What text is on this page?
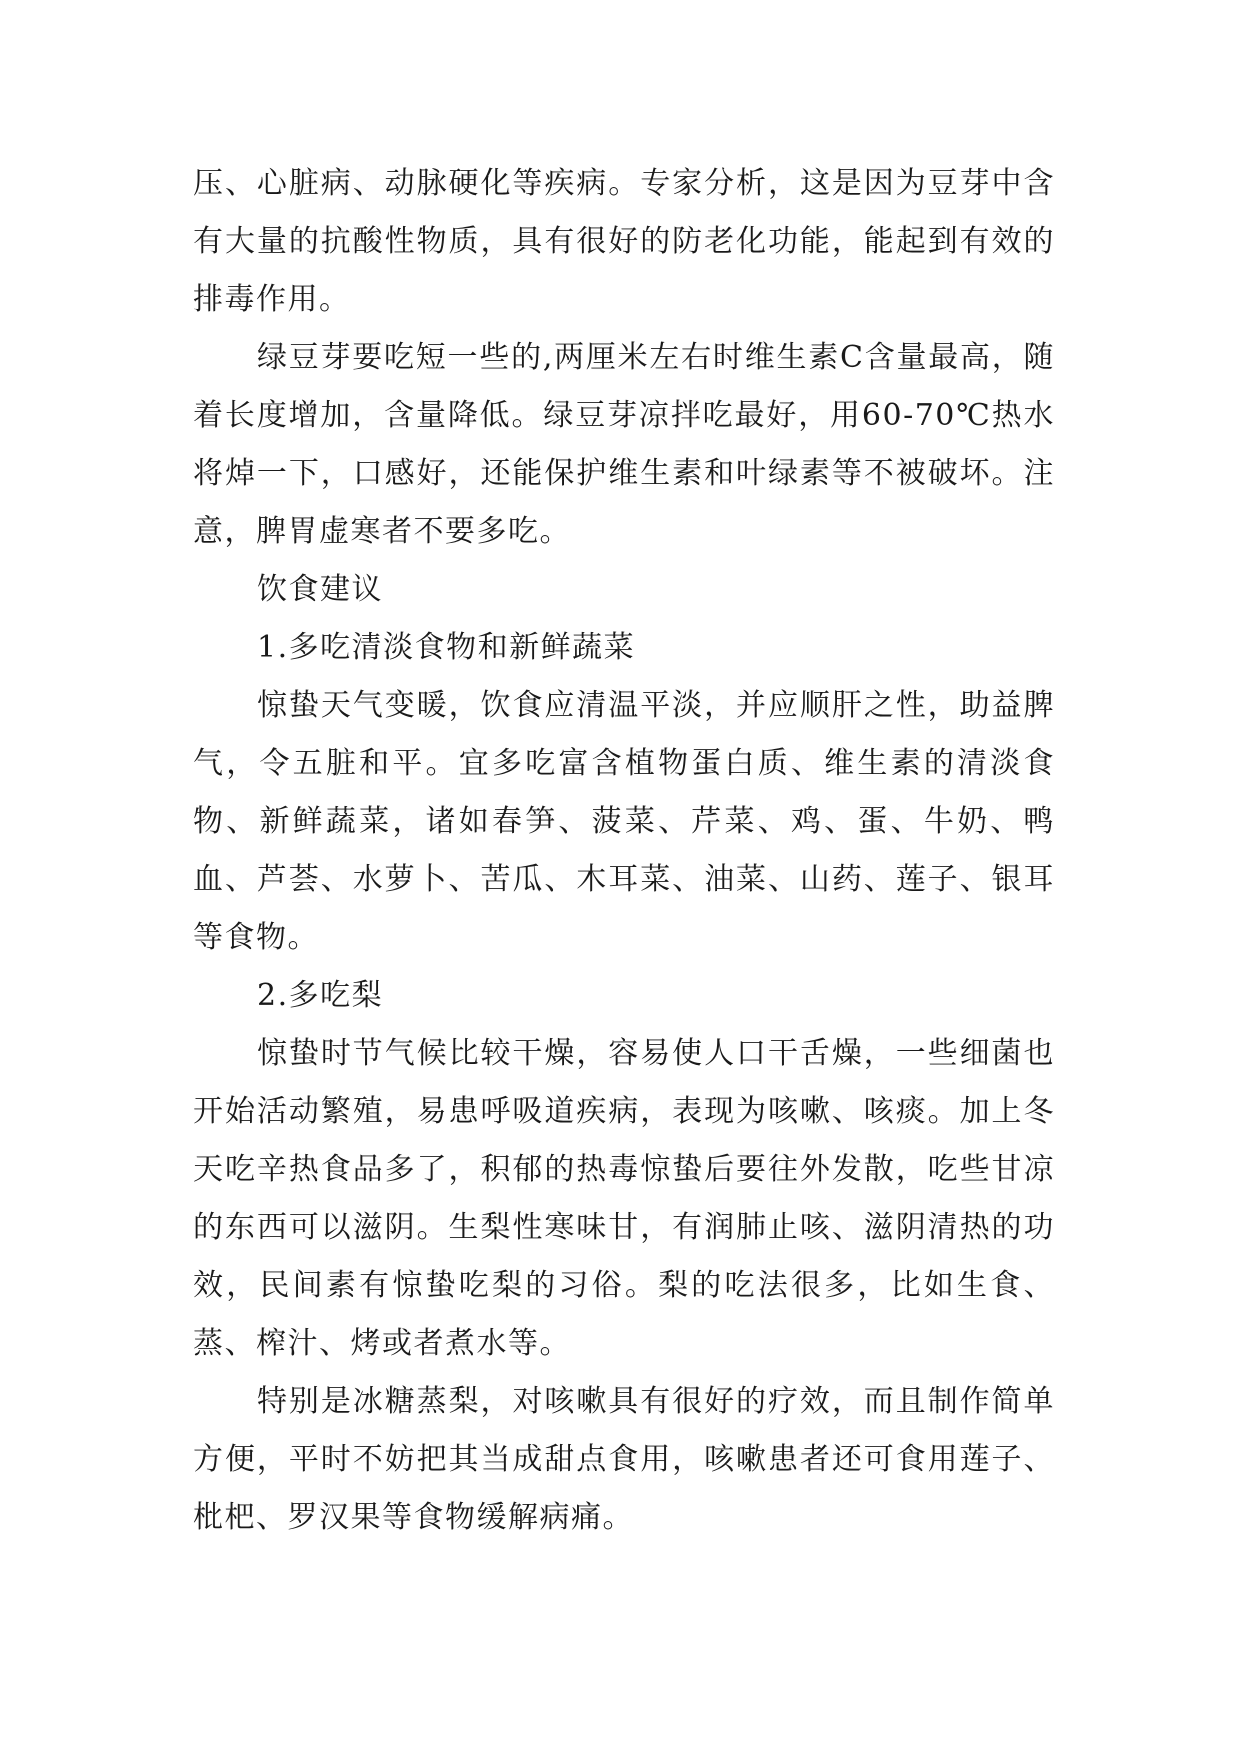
压、心脏病、动脉硬化等疾病。专家分析，这是因为豆芽中含有大量的抗酸性物质，具有很好的防老化功能，能起到有效的排毒作用。

绿豆芽要吃短一些的,两厘米左右时维生素C含量最高，随着长度增加，含量降低。绿豆芽凉拌吃最好，用60-70℃热水将焯一下，口感好，还能保护维生素和叶绿素等不被破坏。注意，脾胃虚寒者不要多吃。

饮食建议

1.多吃清淡食物和新鲜蔬菜

惊蛰天气变暖，饮食应清温平淡，并应顺肝之性，助益脾气，令五脏和平。宜多吃富含植物蛋白质、维生素的清淡食物、新鲜蔬菜，诸如春笋、菠菜、芹菜、鸡、蛋、牛奶、鸭血、芦荟、水萝卜、苦瓜、木耳菜、油菜、山药、莲子、银耳等食物。

2.多吃梨

惊蛰时节气候比较干燥，容易使人口干舌燥，一些细菌也开始活动繁殖，易患呼吸道疾病，表现为咳嗽、咳痰。加上冬天吃辛热食品多了，积郁的热毒惊蛰后要往外发散，吃些甘凉的东西可以滋阴。生梨性寒味甘，有润肺止咳、滋阴清热的功效，民间素有惊蛰吃梨的习俗。梨的吃法很多，比如生食、蒸、榨汁、烤或者煮水等。

特别是冰糖蒸梨，对咳嗽具有很好的疗效，而且制作简单方便，平时不妨把其当成甜点食用，咳嗽患者还可食用莲子、枇杷、罗汉果等食物缓解病痛。
